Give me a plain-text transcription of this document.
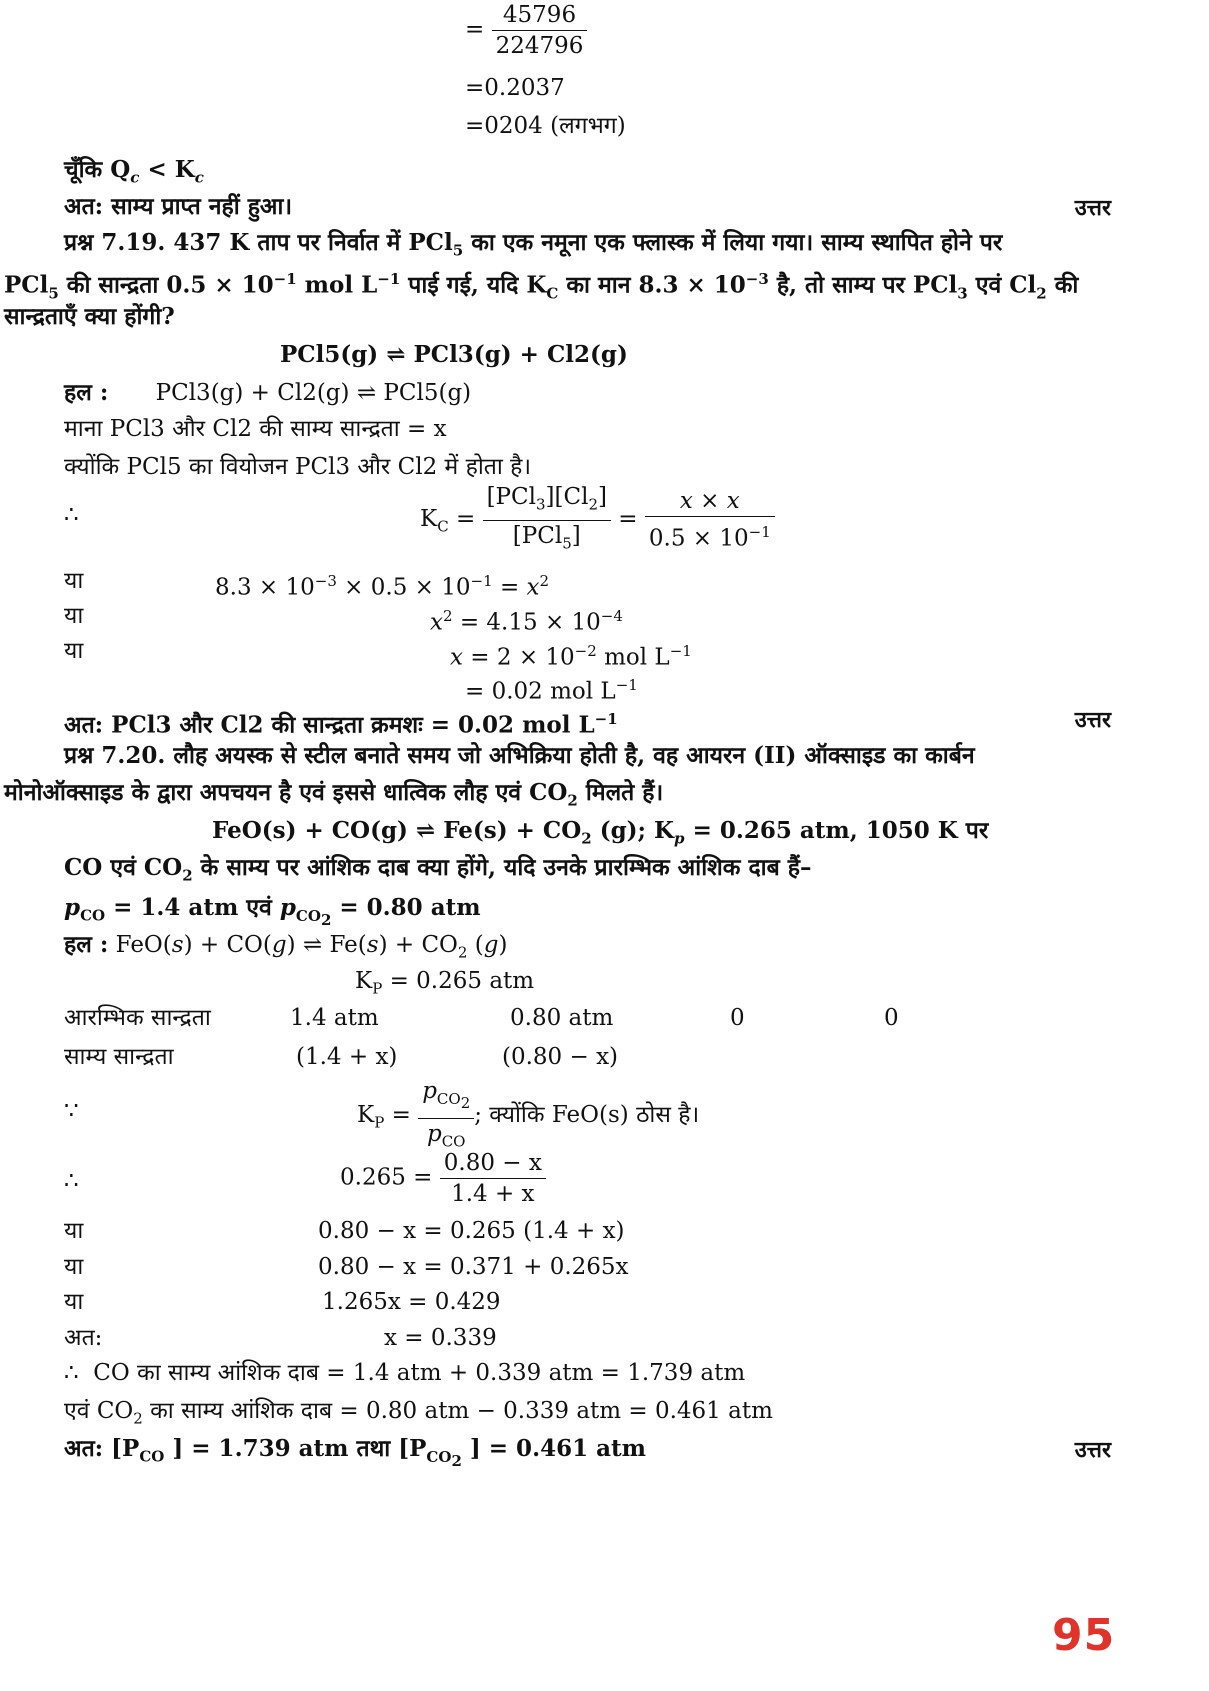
= $\frac{45796}{224796}$
=0.2037
=0204 (लगभग)
चूँकि $Q_c < K_c$
अत: साम्य प्राप्त नहीं हुआ।	उत्तर
प्रश्न 7.19. 437 K ताप पर निर्वात में PCl$_5$ का एक नमूना एक फ्लास्क में लिया गया। साम्य स्थापित होने पर
PCl$_5$ की सान्द्रता $0.5 \times 10^{-1}$ mol $L^{-1}$ पाई गई, यदि $K_C$ का मान $8.3 \times 10^{-3}$ है, तो साम्य पर PCl$_3$ एवं $Cl_2$ की
सान्द्रताएँ क्या होंगी?
PCl5(g) ⇌ PCl3(g) + Cl2(g)
हल : PCl3(g) + Cl2(g) ⇌ PCl5(g)
माना PCl3 और Cl2 की साम्य सान्द्रता = x
क्योंकि PCl5 का वियोजन PCl3 और Cl2 में होता है।
∴	$K_C = \frac{[PCl_3][Cl_2]}{[PCl_5]} = \frac{x \times x}{0.5 \times 10^{-1}}$
या	$8.3 \times 10^{-3} \times 0.5 \times 10^{-1} = x^2$
या	$x^2 = 4.15 \times 10^{-4}$
या	$x = 2 \times 10^{-2}$ mol $L^{-1}$
= 0.02 mol $L^{-1}$
अत: PCl3 और Cl2 की सान्द्रता क्रमशः = 0.02 mol $L^{-1}$	उत्तर
प्रश्न 7.20. लौह अयस्क से स्टील बनाते समय जो अभिक्रिया होती है, वह आयरन (II) ऑक्साइड का कार्बन
मोनोऑक्साइड के द्वारा अपचयन है एवं इससे धात्विक लौह एवं $CO_2$ मिलते हैं।
FeO(s) + CO(g) ⇌ $Fe(s) + CO_2$ (g); $K_p = 0.265$ atm, 1050 K पर
CO एवं $CO_2$ के साम्य पर आंशिक दाब क्या होंगे, यदि उनके प्रारम्भिक आंशिक दाब हैं–
$p_{CO} = 1.4$ atm एवं $p_{CO_2} = 0.80$ atm
हल : FeO(s) + CO(g) ⇌ $Fe(s) + CO_2$ (g)
$K_P = 0.265$ atm
आरम्भिक सान्द्रता	1.4 atm	0.80 atm	0	0
साम्य सान्द्रता	(1.4 + x)	(0.80 − x)
∵	$K_P = \frac{p_{CO_2}}{p_{CO}}$ ; क्योंकि FeO(s) ठोस है।
∴	$0.265 = \frac{0.80 - x}{1.4 + x}$
या	0.80 − x = 0.265 (1.4 + x)
या	0.80 − x = 0.371 + 0.265x
या	1.265x = 0.429
अत:	x = 0.339
∴  CO का साम्य आंशिक दाब = 1.4 atm + 0.339 atm = 1.739 atm
एवं $CO_2$ का साम्य आंशिक दाब = 0.80 atm − 0.339 atm = 0.461 atm
अत: [$P_{CO}$ ] = 1.739 atm तथा [$P_{CO_2}$ ] = 0.461 atm	उत्तर
95
